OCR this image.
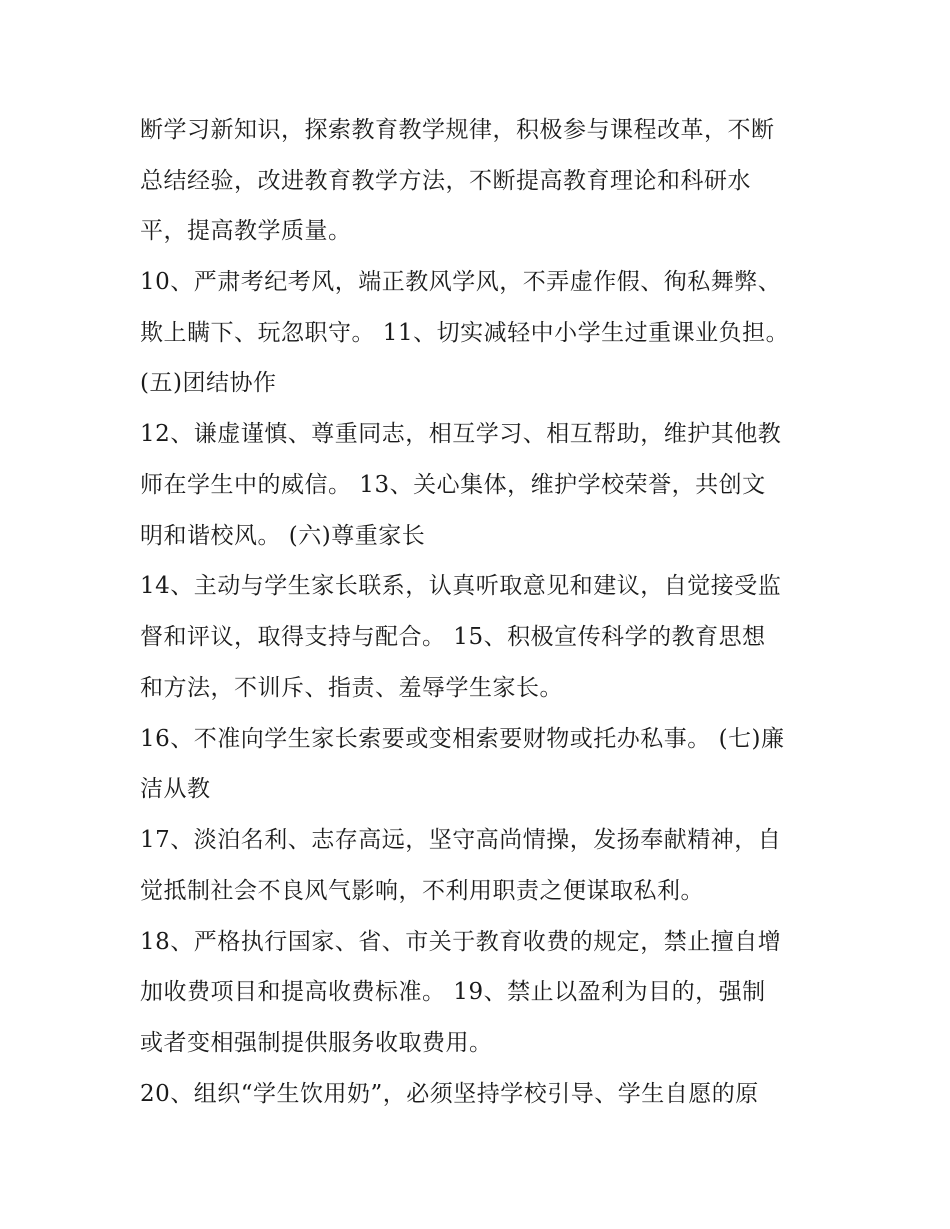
断学习新知识，探索教育教学规律，积极参与课程改革，不断
总结经验，改进教育教学方法，不断提高教育理论和科研水
平，提高教学质量。
10、严肃考纪考风，端正教风学风，不弄虚作假、徇私舞弊、
欺上瞒下、玩忽职守。 11、切实减轻中小学生过重课业负担。
(五)团结协作
12、谦虚谨慎、尊重同志，相互学习、相互帮助，维护其他教
师在学生中的威信。 13、关心集体，维护学校荣誉，共创文
明和谐校风。 (六)尊重家长
14、主动与学生家长联系，认真听取意见和建议，自觉接受监
督和评议，取得支持与配合。 15、积极宣传科学的教育思想
和方法，不训斥、指责、羞辱学生家长。
16、不准向学生家长索要或变相索要财物或托办私事。 (七)廉
洁从教
17、淡泊名利、志存高远，坚守高尚情操，发扬奉献精神，自
觉抵制社会不良风气影响，不利用职责之便谋取私利。
18、严格执行国家、省、市关于教育收费的规定，禁止擅自增
加收费项目和提高收费标准。 19、禁止以盈利为目的，强制
或者变相强制提供服务收取费用。
20、组织“学生饮用奶”，必须坚持学校引导、学生自愿的原
